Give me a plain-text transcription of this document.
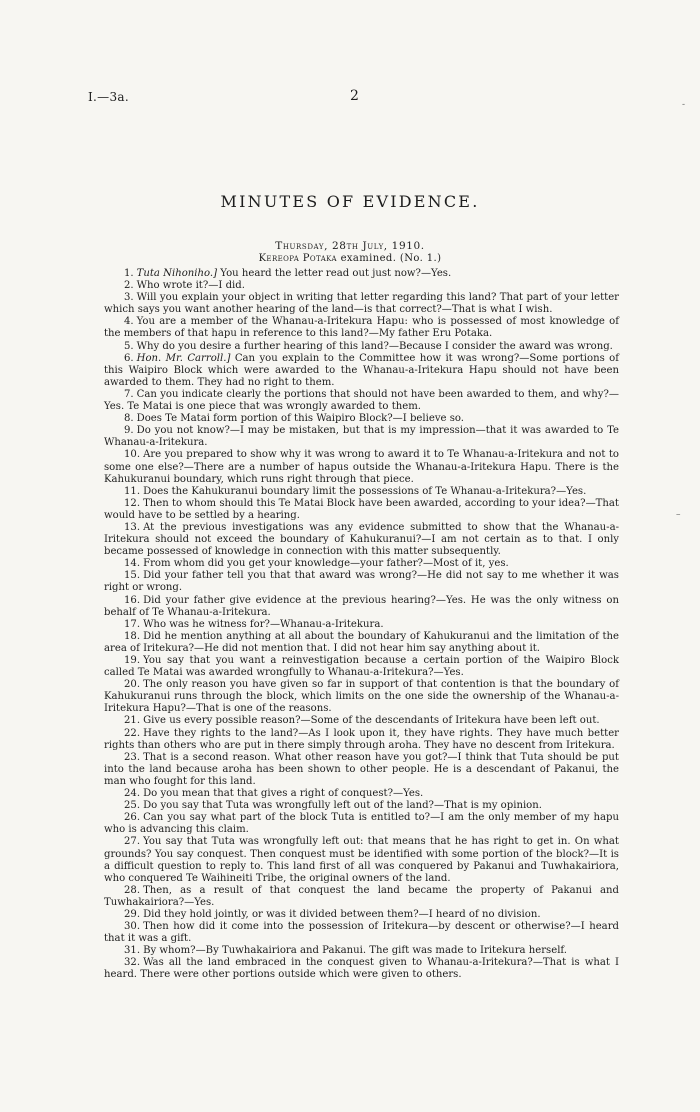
I.—3a.	2
MINUTES OF EVIDENCE.
Thursday, 28th July, 1910.
Kereopa Potaka examined. (No. 1.)

1. Tuta Nihoniho.] You heard the letter read out just now?—Yes.

2. Who wrote it?—I did.

3. Will you explain your object in writing that letter regarding this land? That part of your letter which says you want another hearing of the land—is that correct?—That is what I wish.

4. You are a member of the Whanau-a-Iritekura Hapu: who is possessed of most knowledge of the members of that hapu in reference to this land?—My father Eru Potaka.

5. Why do you desire a further hearing of this land?—Because I consider the award was wrong.

6. Hon. Mr. Carroll.] Can you explain to the Committee how it was wrong?—Some portions of this Waipiro Block which were awarded to the Whanau-a-Iritekura Hapu should not have been awarded to them. They had no right to them.

7. Can you indicate clearly the portions that should not have been awarded to them, and why?—Yes. Te Matai is one piece that was wrongly awarded to them.

8. Does Te Matai form portion of this Waipiro Block?—I believe so.

9. Do you not know?—I may be mistaken, but that is my impression—that it was awarded to Te Whanau-a-Iritekura.

10. Are you prepared to show why it was wrong to award it to Te Whanau-a-Iritekura and not to some one else?—There are a number of hapus outside the Whanau-a-Iritekura Hapu. There is the Kahukuranui boundary, which runs right through that piece.

11. Does the Kahukuranui boundary limit the possessions of Te Whanau-a-Iritekura?—Yes.

12. Then to whom should this Te Matai Block have been awarded, according to your idea?—That would have to be settled by a hearing.

13. At the previous investigations was any evidence submitted to show that the Whanau-a-Iritekura should not exceed the boundary of Kahukuranui?—I am not certain as to that. I only became possessed of knowledge in connection with this matter subsequently.

14. From whom did you get your knowledge—your father?—Most of it, yes.

15. Did your father tell you that that award was wrong?—He did not say to me whether it was right or wrong.

16. Did your father give evidence at the previous hearing?—Yes. He was the only witness on behalf of Te Whanau-a-Iritekura.

17. Who was he witness for?—Whanau-a-Iritekura.

18. Did he mention anything at all about the boundary of Kahukuranui and the limitation of the area of Iritekura?—He did not mention that. I did not hear him say anything about it.

19. You say that you want a reinvestigation because a certain portion of the Waipiro Block called Te Matai was awarded wrongfully to Whanau-a-Iritekura?—Yes.

20. The only reason you have given so far in support of that contention is that the boundary of Kahukuranui runs through the block, which limits on the one side the ownership of the Whanau-a-Iritekura Hapu?—That is one of the reasons.

21. Give us every possible reason?—Some of the descendants of Iritekura have been left out.

22. Have they rights to the land?—As I look upon it, they have rights. They have much better rights than others who are put in there simply through aroha. They have no descent from Iritekura.

23. That is a second reason. What other reason have you got?—I think that Tuta should be put into the land because aroha has been shown to other people. He is a descendant of Pakanui, the man who fought for this land.

24. Do you mean that that gives a right of conquest?—Yes.

25. Do you say that Tuta was wrongfully left out of the land?—That is my opinion.

26. Can you say what part of the block Tuta is entitled to?—I am the only member of my hapu who is advancing this claim.

27. You say that Tuta was wrongfully left out: that means that he has right to get in. On what grounds? You say conquest. Then conquest must be identified with some portion of the block?—It is a difficult question to reply to. This land first of all was conquered by Pakanui and Tuwhakairiora, who conquered Te Waihineiti Tribe, the original owners of the land.

28. Then, as a result of that conquest the land became the property of Pakanui and Tuwhakairiora?—Yes.

29. Did they hold jointly, or was it divided between them?—I heard of no division.

30. Then how did it come into the possession of Iritekura—by descent or otherwise?—I heard that it was a gift.

31. By whom?—By Tuwhakairiora and Pakanui. The gift was made to Iritekura herself.

32. Was all the land embraced in the conquest given to Whanau-a-Iritekura?—That is what I heard. There were other portions outside which were given to others.

-
–
